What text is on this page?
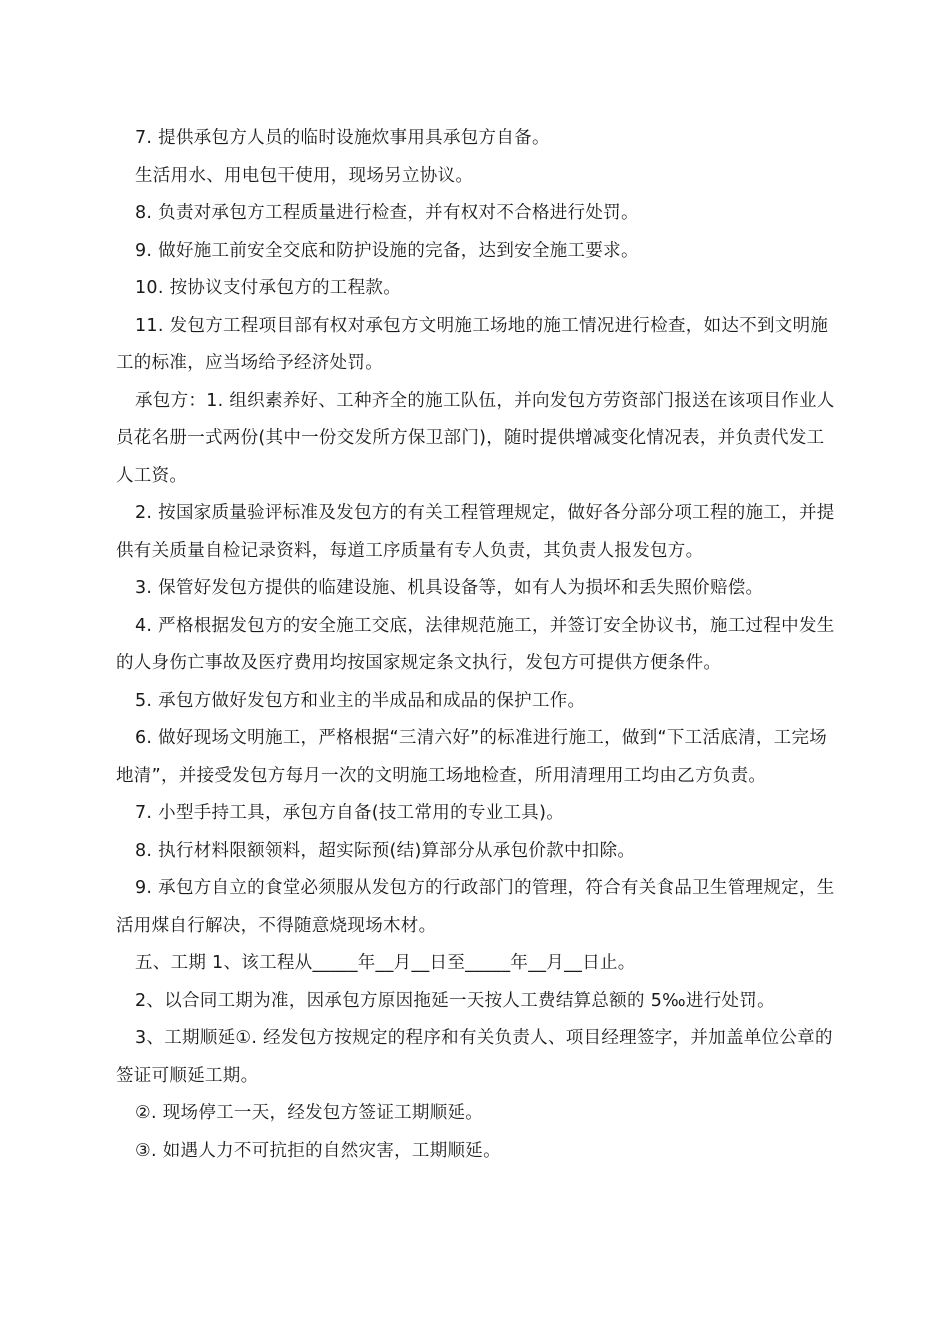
7. 提供承包方人员的临时设施炊事用具承包方自备。

生活用水、用电包干使用，现场另立协议。

8. 负责对承包方工程质量进行检查，并有权对不合格进行处罚。

9. 做好施工前安全交底和防护设施的完备，达到安全施工要求。

10. 按协议支付承包方的工程款。

11. 发包方工程项目部有权对承包方文明施工场地的施工情况进行检查，如达不到文明施工的标准，应当场给予经济处罚。

承包方：1. 组织素养好、工种齐全的施工队伍，并向发包方劳资部门报送在该项目作业人员花名册一式两份(其中一份交发所方保卫部门)，随时提供增减变化情况表，并负责代发工人工资。

2. 按国家质量验评标准及发包方的有关工程管理规定，做好各分部分项工程的施工，并提供有关质量自检记录资料，每道工序质量有专人负责，其负责人报发包方。

3. 保管好发包方提供的临建设施、机具设备等，如有人为损坏和丢失照价赔偿。

4. 严格根据发包方的安全施工交底，法律规范施工，并签订安全协议书，施工过程中发生的人身伤亡事故及医疗费用均按国家规定条文执行，发包方可提供方便条件。

5. 承包方做好发包方和业主的半成品和成品的保护工作。

6. 做好现场文明施工，严格根据“三清六好”的标准进行施工，做到“下工活底清，工完场地清”，并接受发包方每月一次的文明施工场地检查，所用清理用工均由乙方负责。

7. 小型手持工具，承包方自备(技工常用的专业工具)。

8. 执行材料限额领料，超实际预(结)算部分从承包价款中扣除。

9. 承包方自立的食堂必须服从发包方的行政部门的管理，符合有关食品卫生管理规定，生活用煤自行解决，不得随意烧现场木材。

五、工期 1、该工程从_____年__月__日至_____年__月__日止。

2、以合同工期为准，因承包方原因拖延一天按人工费结算总额的 5‰进行处罚。

3、工期顺延①. 经发包方按规定的程序和有关负责人、项目经理签字，并加盖单位公章的签证可顺延工期。

②. 现场停工一天，经发包方签证工期顺延。

③. 如遇人力不可抗拒的自然灾害，工期顺延。
